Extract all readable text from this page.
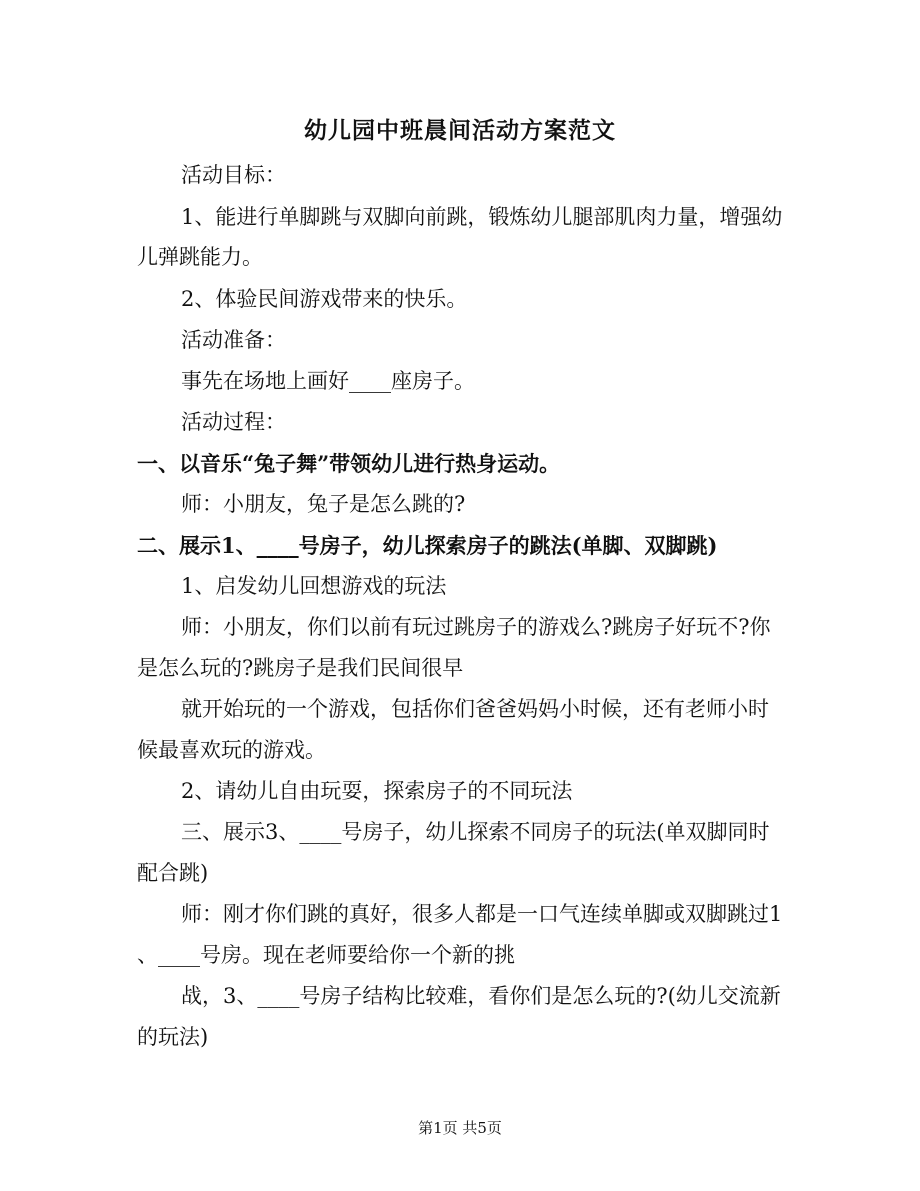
幼儿园中班晨间活动方案范文
活动目标：
1、能进行单脚跳与双脚向前跳，锻炼幼儿腿部肌肉力量，增强幼
儿弹跳能力。
2、体验民间游戏带来的快乐。
活动准备：
事先在场地上画好____座房子。
活动过程：
一、以音乐“兔子舞”带领幼儿进行热身运动。
师：小朋友，兔子是怎么跳的?
二、展示1、____号房子，幼儿探索房子的跳法(单脚、双脚跳)
1、启发幼儿回想游戏的玩法
师：小朋友，你们以前有玩过跳房子的游戏么?跳房子好玩不?你
是怎么玩的?跳房子是我们民间很早
就开始玩的一个游戏，包括你们爸爸妈妈小时候，还有老师小时
候最喜欢玩的游戏。
2、请幼儿自由玩耍，探索房子的不同玩法
三、展示3、____号房子，幼儿探索不同房子的玩法(单双脚同时
配合跳)
师：刚才你们跳的真好，很多人都是一口气连续单脚或双脚跳过1
、____号房。现在老师要给你一个新的挑
战，3、____号房子结构比较难，看你们是怎么玩的?(幼儿交流新
的玩法)
第1页 共5页
